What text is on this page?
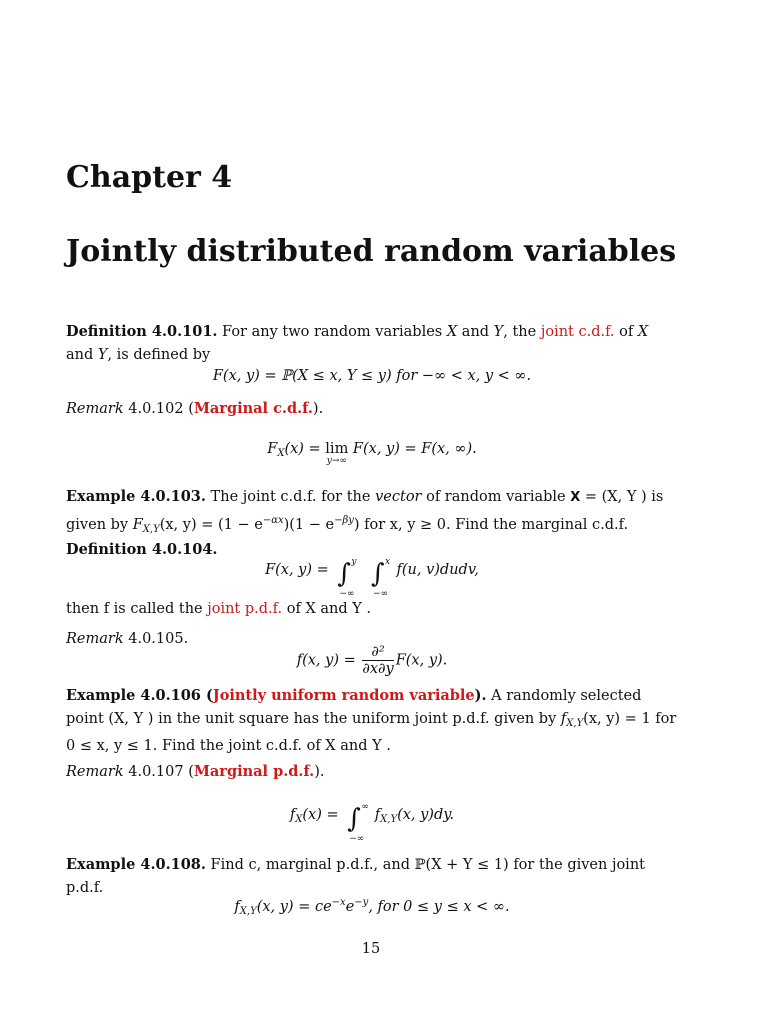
Chapter 4
Jointly distributed random variables
Definition 4.0.101. For any two random variables X and Y, the joint c.d.f. of X and Y, is defined by
F(x, y) = ℙ(X ≤ x, Y ≤ y) for −∞ < x, y < ∞.
Remark 4.0.102 (Marginal c.d.f.).
$F_X(x) = \lim$
y→∞
F(x, y) = F(x, ∞).
Example 4.0.103. The joint c.d.f. for the vector of random variable X = (X, Y ) is given by $F_{X,Y}(x$, $y) = (1 - e^{-\alpha x})(1 - e^{-\beta y})$ for x, y ≥ 0. Find the marginal c.d.f.
Definition 4.0.104.
F(x, y) = ∫ y
−∞
∫ x
−∞
f(u, v)dudv,
then f is called the joint p.d.f. of X and Y .
Remark 4.0.105.
f(x, $y) = \frac{\text{∂²}}{\partial x\partial y} F(x$, y).
Example 4.0.106 (Jointly uniform random variable). A randomly selected point (X, Y ) in the unit square has the uniform joint p.d.f. given by $f_{X,Y}(x$, y) = 1 for 0 ≤ x, y ≤ 1. Find the joint c.d.f. of X and Y .
Remark 4.0.107 (Marginal p.d.f.).
$f_X(x)$ = ∫ ∞
−∞
$f_{X,Y}(x$, y)dy.
Example 4.0.108. Find c, marginal p.d.f., and ℙ(X + Y ≤ 1) for the given joint p.d.f.
$f_{X,Y}(x$, $y) = ce^{-x}e^{-y}$, for 0 ≤ y ≤ x < ∞.
15
